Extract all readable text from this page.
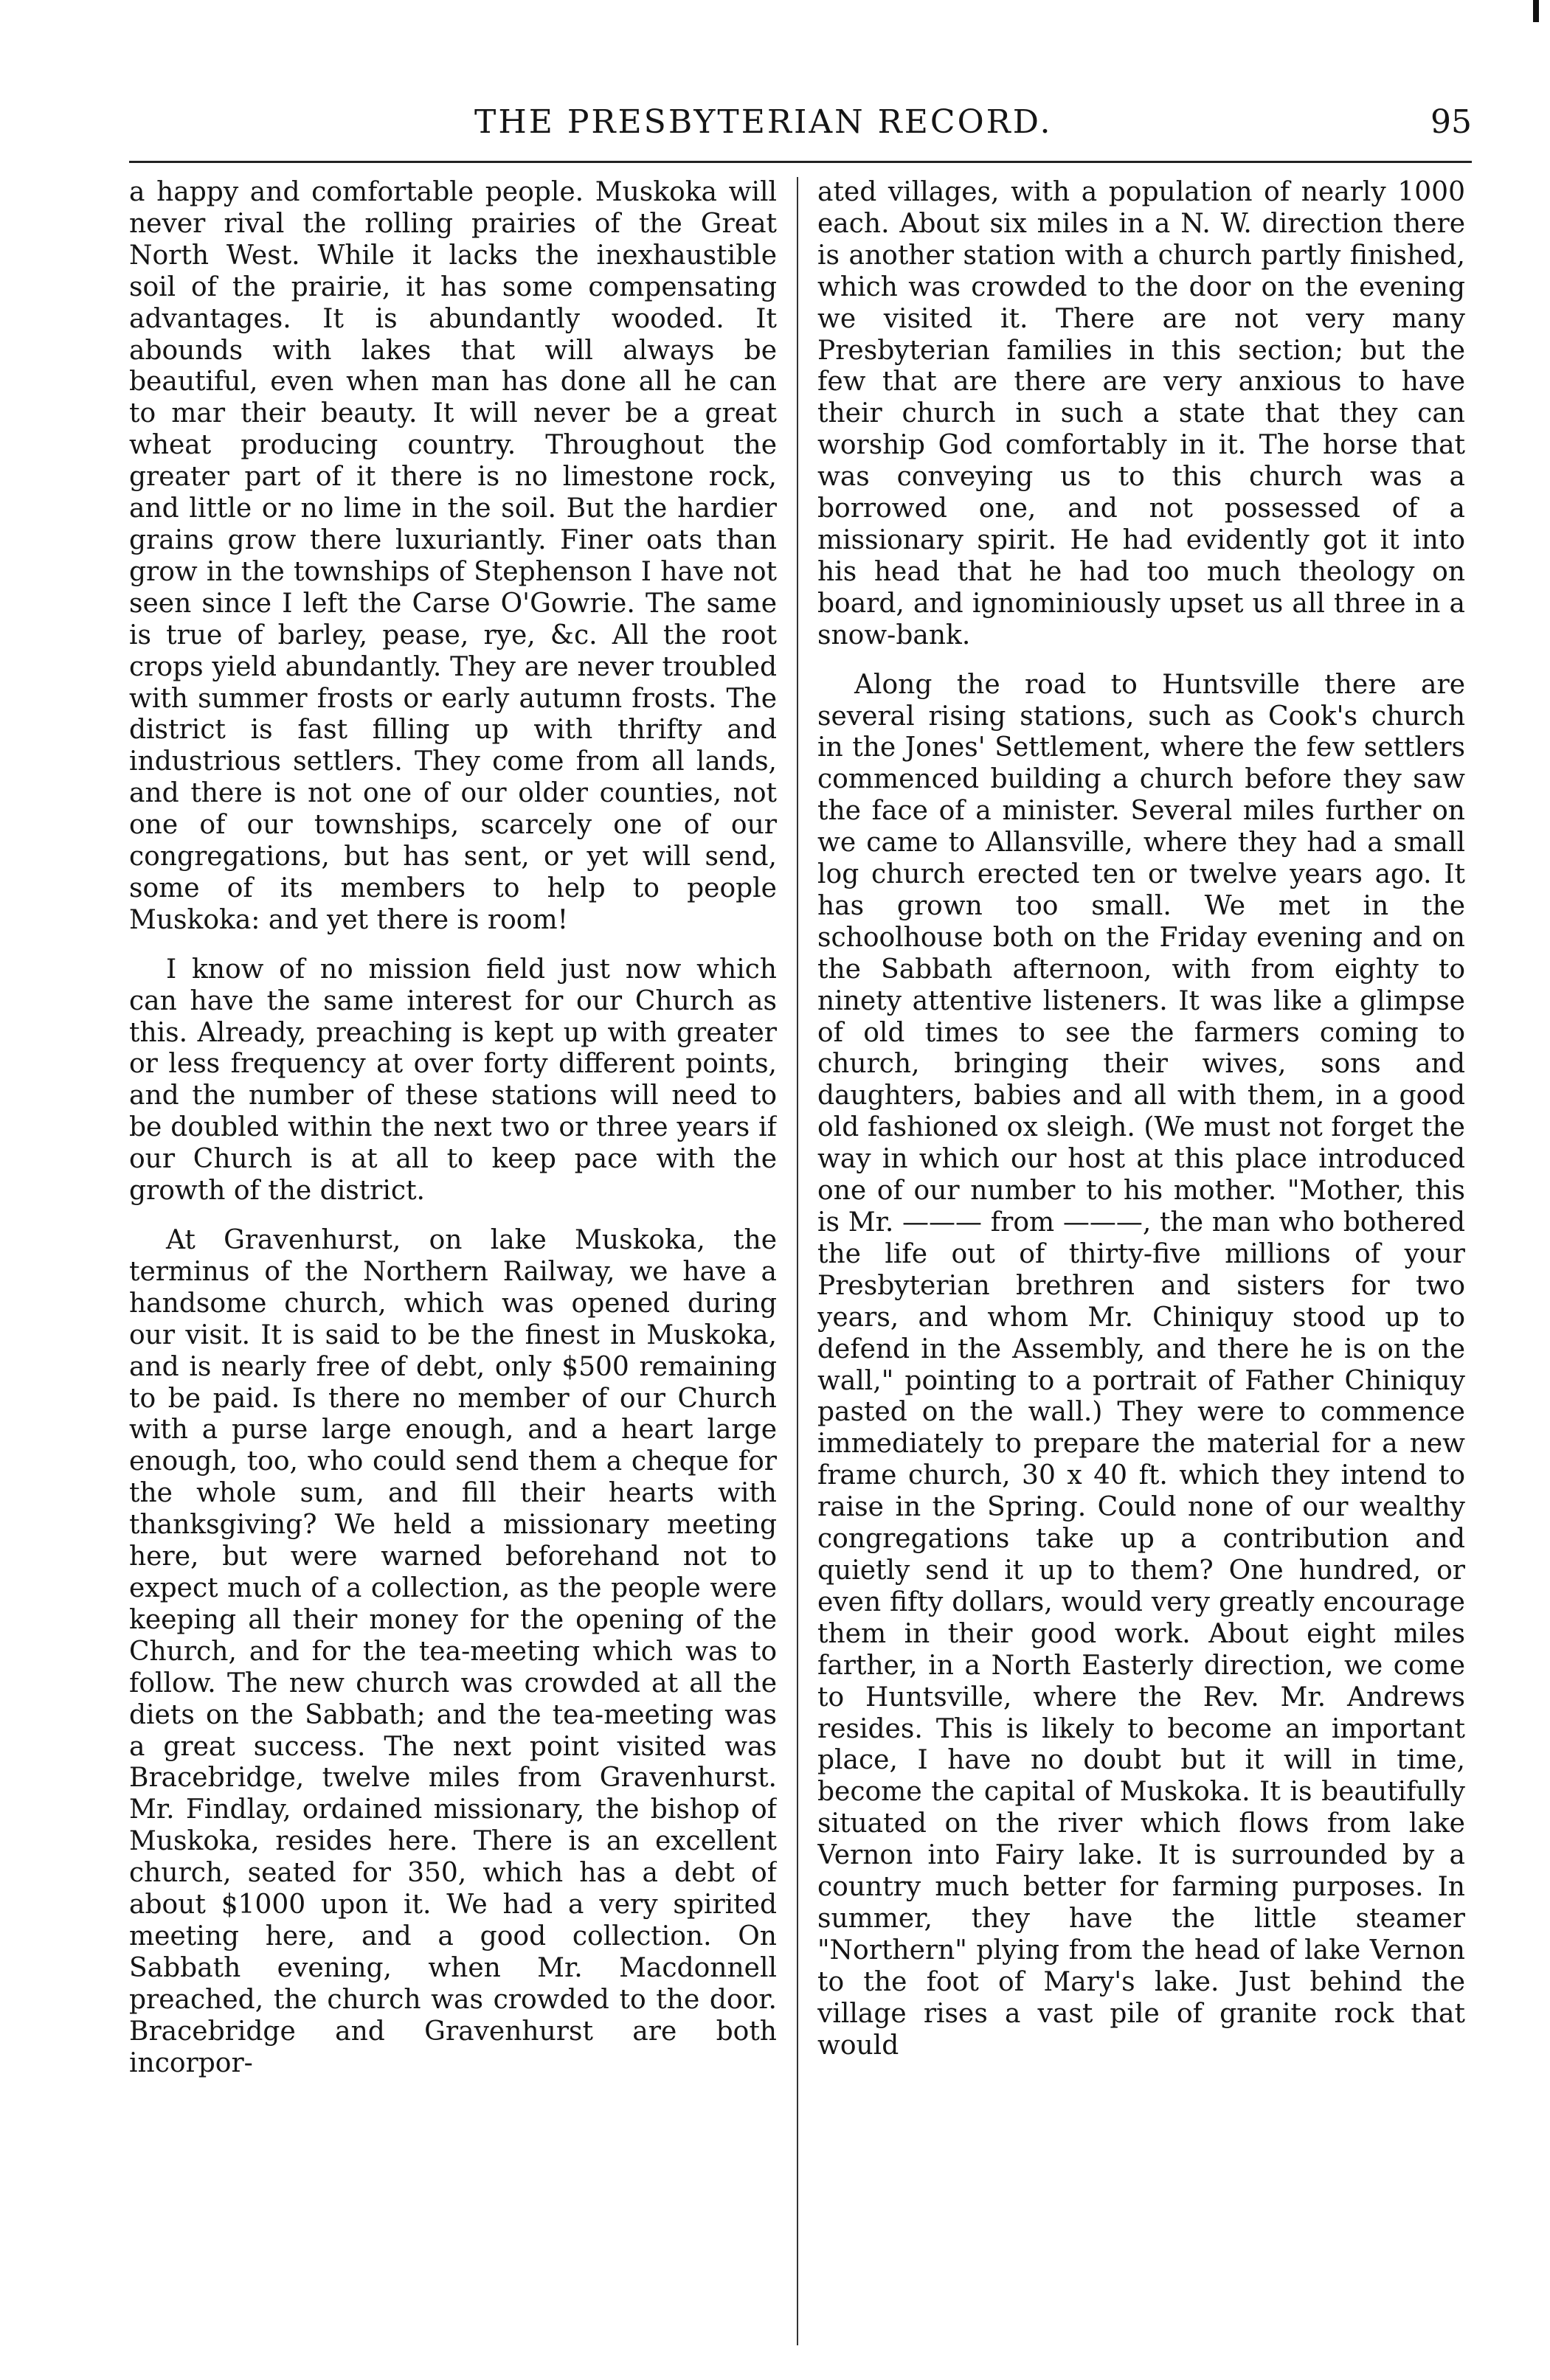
THE PRESBYTERIAN RECORD.	95

a happy and comfortable people. Muskoka will never rival the rolling prairies of the Great North West. While it lacks the inexhaustible soil of the prairie, it has some compensating advantages. It is abundantly wooded. It abounds with lakes that will always be beautiful, even when man has done all he can to mar their beauty. It will never be a great wheat producing country. Throughout the greater part of it there is no limestone rock, and little or no lime in the soil. But the hardier grains grow there luxuriantly. Finer oats than grow in the townships of Stephenson I have not seen since I left the Carse O'Gowrie. The same is true of barley, pease, rye, &c. All the root crops yield abundantly. They are never troubled with summer frosts or early autumn frosts. The district is fast filling up with thrifty and industrious settlers. They come from all lands, and there is not one of our older counties, not one of our townships, scarcely one of our congregations, but has sent, or yet will send, some of its members to help to people Muskoka: and yet there is room!

I know of no mission field just now which can have the same interest for our Church as this. Already, preaching is kept up with greater or less frequency at over forty different points, and the number of these stations will need to be doubled within the next two or three years if our Church is at all to keep pace with the growth of the district.

At Gravenhurst, on lake Muskoka, the terminus of the Northern Railway, we have a handsome church, which was opened during our visit. It is said to be the finest in Muskoka, and is nearly free of debt, only $500 remaining to be paid. Is there no member of our Church with a purse large enough, and a heart large enough, too, who could send them a cheque for the whole sum, and fill their hearts with thanksgiving? We held a missionary meeting here, but were warned beforehand not to expect much of a collection, as the people were keeping all their money for the opening of the Church, and for the tea-meeting which was to follow. The new church was crowded at all the diets on the Sabbath; and the tea-meeting was a great success. The next point visited was Bracebridge, twelve miles from Gravenhurst. Mr. Findlay, ordained missionary, the bishop of Muskoka, resides here. There is an excellent church, seated for 350, which has a debt of about $1000 upon it. We had a very spirited meeting here, and a good collection. On Sabbath evening, when Mr. Macdonnell preached, the church was crowded to the door. Bracebridge and Gravenhurst are both incorpor-

ated villages, with a population of nearly 1000 each. About six miles in a N. W. direction there is another station with a church partly finished, which was crowded to the door on the evening we visited it. There are not very many Presbyterian families in this section; but the few that are there are very anxious to have their church in such a state that they can worship God comfortably in it. The horse that was conveying us to this church was a borrowed one, and not possessed of a missionary spirit. He had evidently got it into his head that he had too much theology on board, and ignominiously upset us all three in a snow-bank.

Along the road to Huntsville there are several rising stations, such as Cook's church in the Jones' Settlement, where the few settlers commenced building a church before they saw the face of a minister. Several miles further on we came to Allansville, where they had a small log church erected ten or twelve years ago. It has grown too small. We met in the schoolhouse both on the Friday evening and on the Sabbath afternoon, with from eighty to ninety attentive listeners. It was like a glimpse of old times to see the farmers coming to church, bringing their wives, sons and daughters, babies and all with them, in a good old fashioned ox sleigh. (We must not forget the way in which our host at this place introduced one of our number to his mother. "Mother, this is Mr. ——— from ———, the man who bothered the life out of thirty-five millions of your Presbyterian brethren and sisters for two years, and whom Mr. Chiniquy stood up to defend in the Assembly, and there he is on the wall," pointing to a portrait of Father Chiniquy pasted on the wall.) They were to commence immediately to prepare the material for a new frame church, 30 x 40 ft. which they intend to raise in the Spring. Could none of our wealthy congregations take up a contribution and quietly send it up to them? One hundred, or even fifty dollars, would very greatly encourage them in their good work. About eight miles farther, in a North Easterly direction, we come to Huntsville, where the Rev. Mr. Andrews resides. This is likely to become an important place, I have no doubt but it will in time, become the capital of Muskoka. It is beautifully situated on the river which flows from lake Vernon into Fairy lake. It is surrounded by a country much better for farming purposes. In summer, they have the little steamer "Northern" plying from the head of lake Vernon to the foot of Mary's lake. Just behind the village rises a vast pile of granite rock that would
